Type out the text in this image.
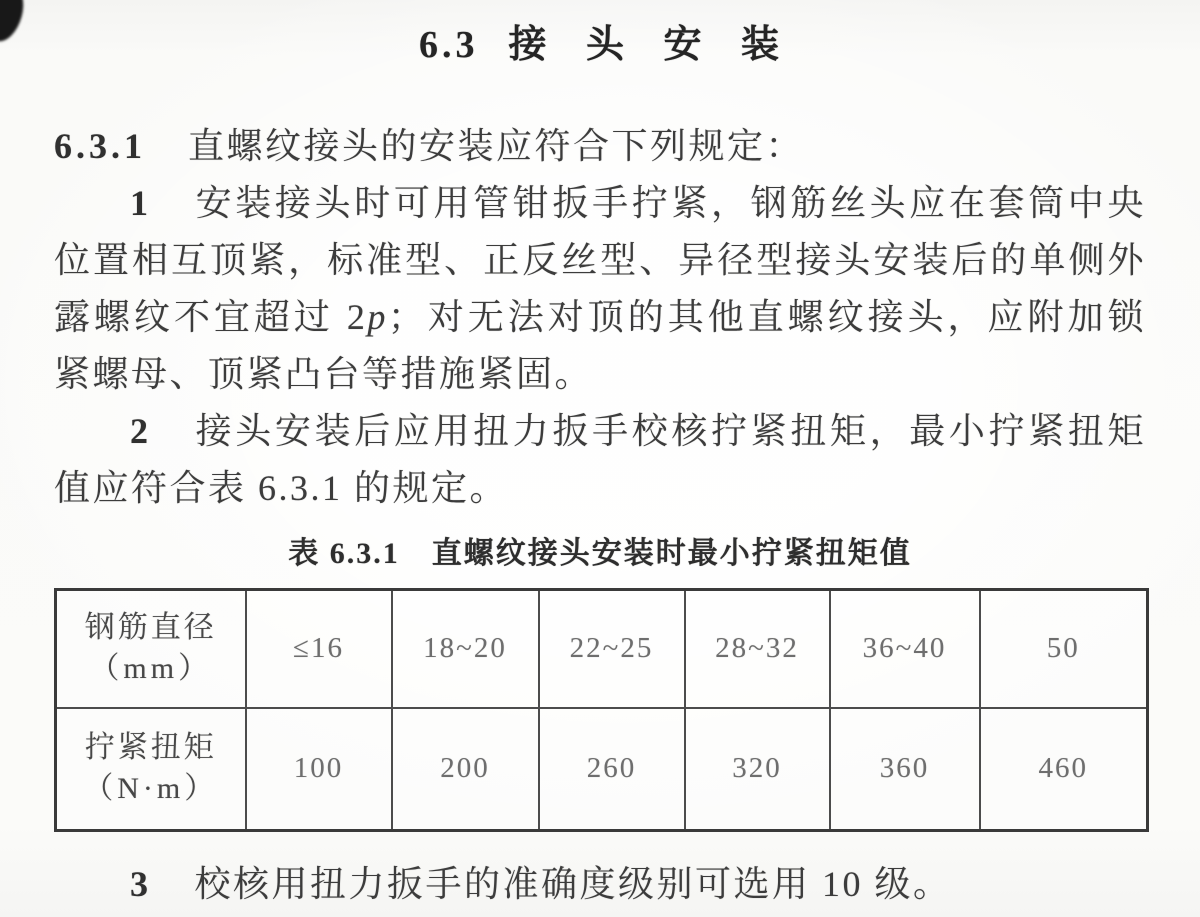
6.3 接 头 安 装

6.3.1 直螺纹接头的安装应符合下列规定：

1 安装接头时可用管钳扳手拧紧，钢筋丝头应在套筒中央位置相互顶紧，标准型、正反丝型、异径型接头安装后的单侧外露螺纹不宜超过 2p；对无法对顶的其他直螺纹接头，应附加锁紧螺母、顶紧凸台等措施紧固。

2 接头安装后应用扭力扳手校核拧紧扭矩，最小拧紧扭矩值应符合表 6.3.1 的规定。

表 6.3.1　直螺纹接头安装时最小拧紧扭矩值

钢筋直径
（mm）	≤16	18~20	22~25	28~32	36~40	50

拧紧扭矩
（N·m）	100	200	260	320	360	460

3 校核用扭力扳手的准确度级别可选用 10 级。
